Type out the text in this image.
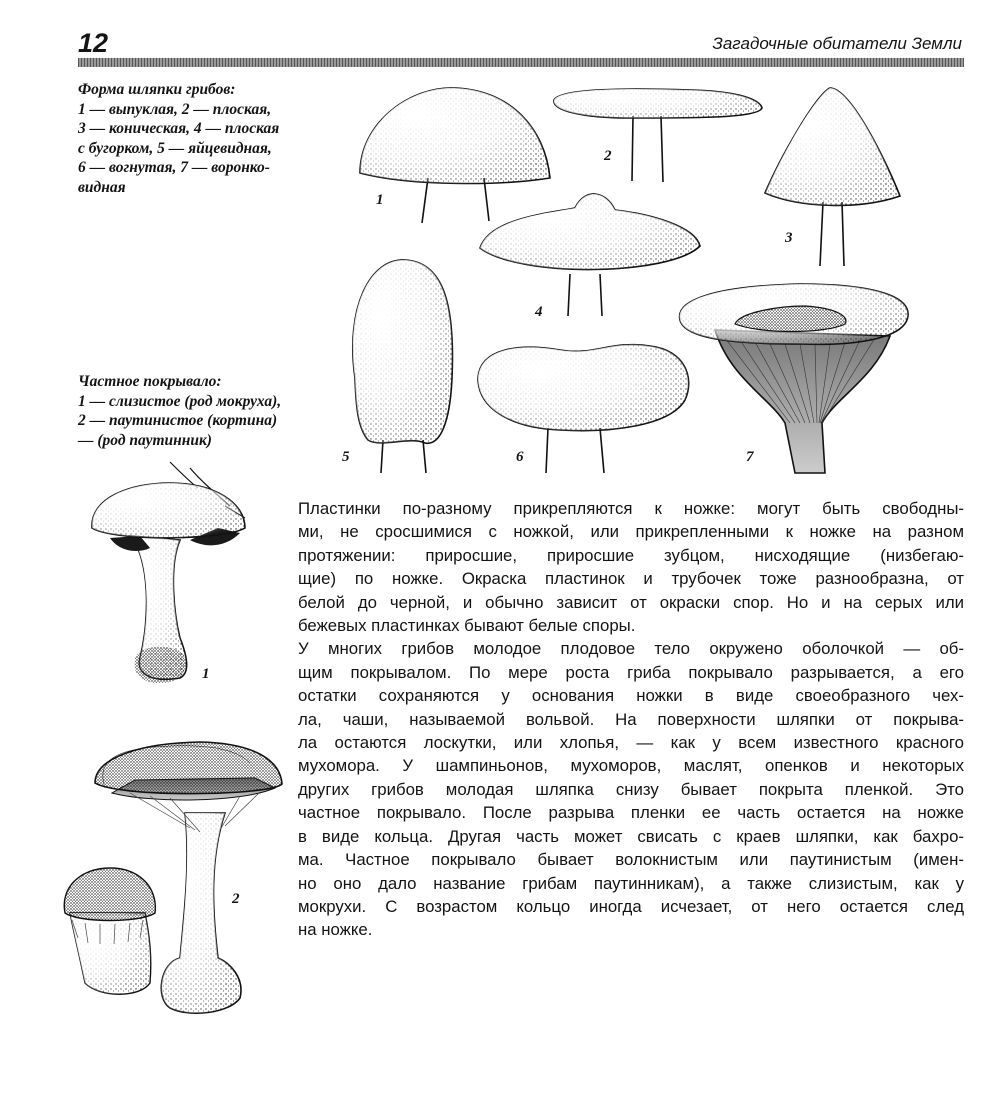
12	Загадочные обитатели Земли

Форма шляпки грибов:
1 — выпуклая, 2 — плоская,
3 — коническая, 4 — плоская
с бугорком, 5 — яйцевидная,
6 — вогнутая, 7 — воронко-
видная

Частное покрывало:
1 — слизистое (род мокруха),
2 — паутинистое (кортина)
— (род паутинник)

1
2
3
4
5	6	7
1
2

Пластинки по-разному прикрепляются к ножке: могут быть свободны-
ми, не сросшимися с ножкой, или прикрепленными к ножке на разном
протяжении: приросшие, приросшие зубцом, нисходящие (низбегаю-
щие) по ножке. Окраска пластинок и трубочек тоже разнообразна, от
белой до черной, и обычно зависит от окраски спор. Но и на серых или
бежевых пластинках бывают белые споры.

У многих грибов молодое плодовое тело окружено оболочкой — об-
щим покрывалом. По мере роста гриба покрывало разрывается, а его
остатки сохраняются у основания ножки в виде своеобразного чех-
ла, чаши, называемой вольвой. На поверхности шляпки от покрыва-
ла остаются лоскутки, или хлопья, — как у всем известного красного
мухомора. У шампиньонов, мухоморов, маслят, опенков и некоторых
других грибов молодая шляпка снизу бывает покрыта пленкой. Это
частное покрывало. После разрыва пленки ее часть остается на ножке
в виде кольца. Другая часть может свисать с краев шляпки, как бахро-
ма. Частное покрывало бывает волокнистым или паутинистым (имен-
но оно дало название грибам паутинникам), а также слизистым, как у
мокрухи. С возрастом кольцо иногда исчезает, от него остается след
на ножке.
